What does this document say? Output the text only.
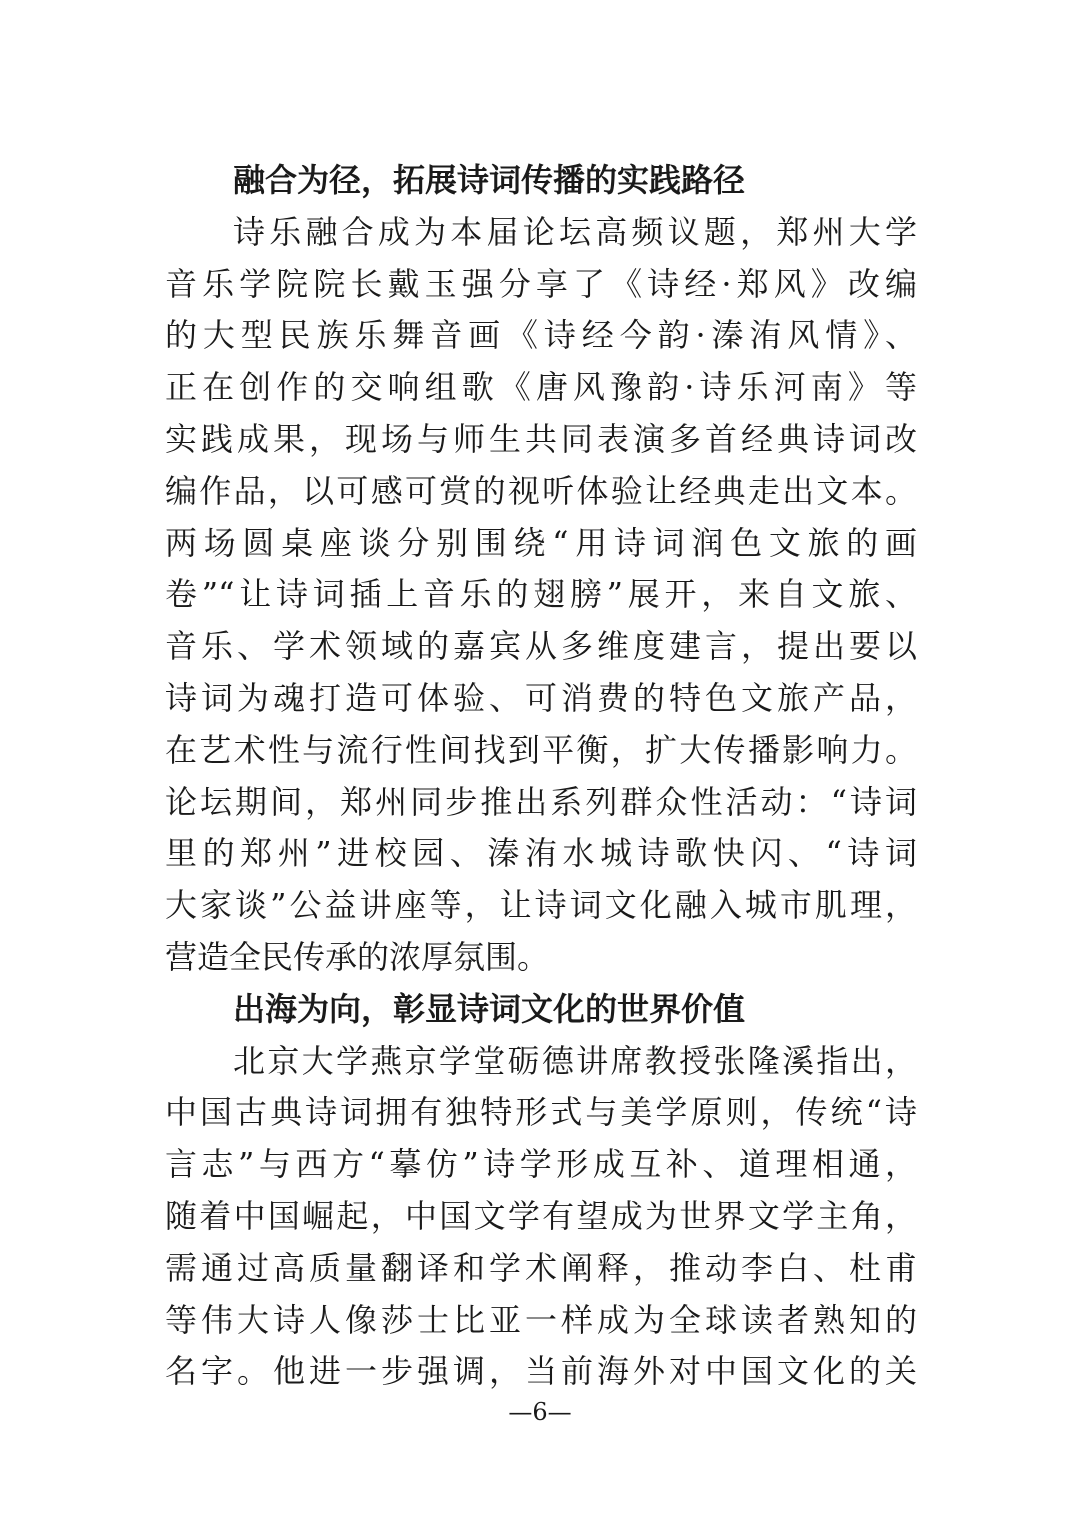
融合为径，拓展诗词传播的实践路径
诗乐融合成为本届论坛高频议题，郑州大学
音乐学院院长戴玉强分享了《诗经·郑风》改编
的大型民族乐舞音画《诗经今韵·溱洧风情》、
正在创作的交响组歌《唐风豫韵·诗乐河南》等
实践成果，现场与师生共同表演多首经典诗词改
编作品，以可感可赏的视听体验让经典走出文本。
两场圆桌座谈分别围绕“用诗词润色文旅的画
卷”“让诗词插上音乐的翅膀”展开，来自文旅、
音乐、学术领域的嘉宾从多维度建言，提出要以
诗词为魂打造可体验、可消费的特色文旅产品，
在艺术性与流行性间找到平衡，扩大传播影响力。
论坛期间，郑州同步推出系列群众性活动：“诗词
里的郑州”进校园、溱洧水城诗歌快闪、“诗词
大家谈”公益讲座等，让诗词文化融入城市肌理，
营造全民传承的浓厚氛围。
出海为向，彰显诗词文化的世界价值
北京大学燕京学堂砺德讲席教授张隆溪指出，
中国古典诗词拥有独特形式与美学原则，传统“诗
言志”与西方“摹仿”诗学形成互补、道理相通，
随着中国崛起，中国文学有望成为世界文学主角，
需通过高质量翻译和学术阐释，推动李白、杜甫
等伟大诗人像莎士比亚一样成为全球读者熟知的
名字。他进一步强调，当前海外对中国文化的关
—6—
